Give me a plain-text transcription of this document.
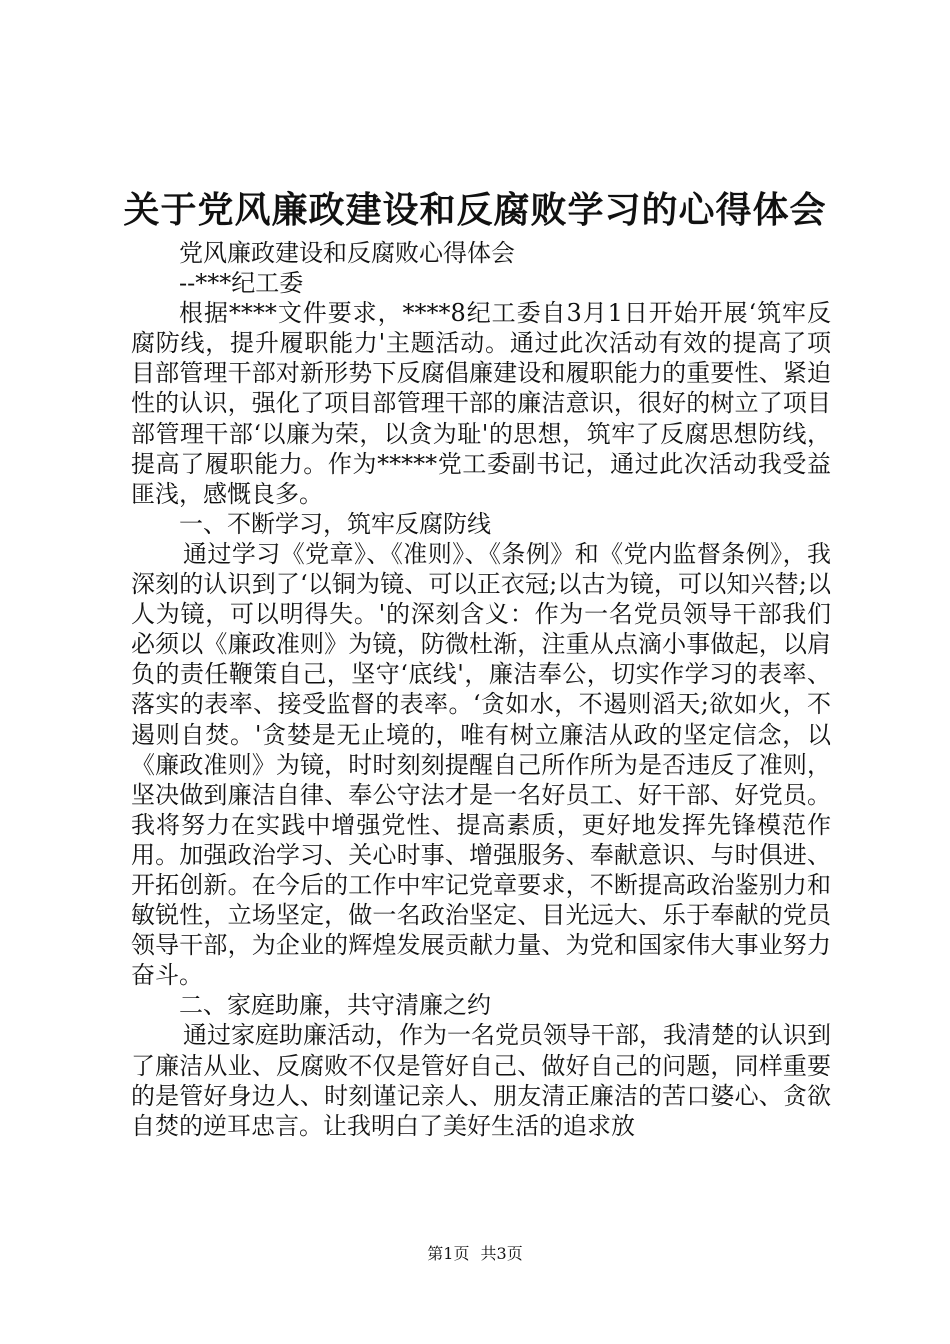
关于党风廉政建设和反腐败学习的心得体会

党风廉政建设和反腐败心得体会

--***纪工委

根据****文件要求，****8纪工委自3月1日开始开展‘筑牢反腐防线，提升履职能力'主题活动。通过此次活动有效的提高了项目部管理干部对新形势下反腐倡廉建设和履职能力的重要性、紧迫性的认识，强化了项目部管理干部的廉洁意识，很好的树立了项目部管理干部‘以廉为荣，以贪为耻'的思想，筑牢了反腐思想防线，提高了履职能力。作为*****党工委副书记，通过此次活动我受益匪浅，感慨良多。

一、不断学习，筑牢反腐防线

通过学习《党章》、《准则》、《条例》和《党内监督条例》，我深刻的认识到了‘以铜为镜、可以正衣冠;以古为镜，可以知兴替;以人为镜，可以明得失。'的深刻含义：作为一名党员领导干部我们必须以《廉政准则》为镜，防微杜渐，注重从点滴小事做起，以肩负的责任鞭策自己，坚守‘底线'，廉洁奉公，切实作学习的表率、落实的表率、接受监督的表率。‘贪如水，不遏则滔天;欲如火，不遏则自焚。'贪婪是无止境的，唯有树立廉洁从政的坚定信念，以《廉政准则》为镜，时时刻刻提醒自己所作所为是否违反了准则，坚决做到廉洁自律、奉公守法才是一名好员工、好干部、好党员。我将努力在实践中增强党性、提高素质，更好地发挥先锋模范作用。加强政治学习、关心时事、增强服务、奉献意识、与时俱进、开拓创新。在今后的工作中牢记党章要求，不断提高政治鉴别力和敏锐性，立场坚定，做一名政治坚定、目光远大、乐于奉献的党员领导干部，为企业的辉煌发展贡献力量、为党和国家伟大事业努力奋斗。

二、家庭助廉，共守清廉之约

通过家庭助廉活动，作为一名党员领导干部，我清楚的认识到了廉洁从业、反腐败不仅是管好自己、做好自己的问题，同样重要的是管好身边人、时刻谨记亲人、朋友清正廉洁的苦口婆心、贪欲自焚的逆耳忠言。让我明白了美好生活的追求放

第1页 共3页
